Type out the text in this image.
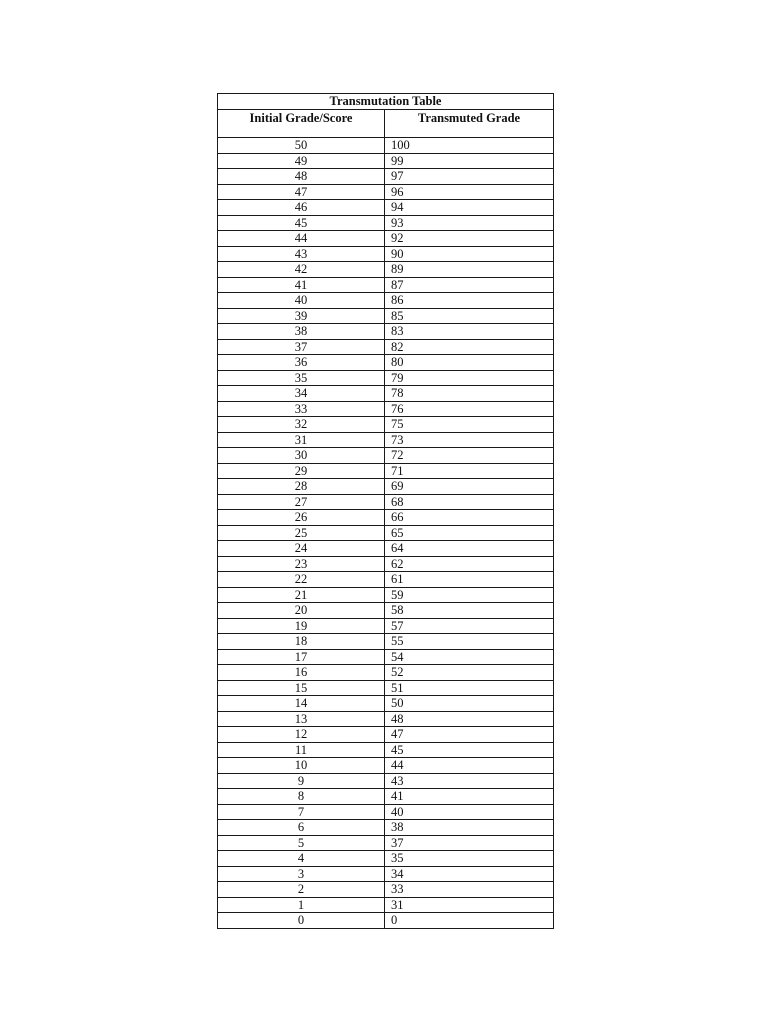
Transmutation Table	
Initial Grade/Score	Transmuted Grade
50	100
49	99
48	97
47	96
46	94
45	93
44	92
43	90
42	89
41	87
40	86
39	85
38	83
37	82
36	80
35	79
34	78
33	76
32	75
31	73
30	72
29	71
28	69
27	68
26	66
25	65
24	64
23	62
22	61
21	59
20	58
19	57
18	55
17	54
16	52
15	51
14	50
13	48
12	47
11	45
10	44
9	43
8	41
7	40
6	38
5	37
4	35
3	34
2	33
1	31
0	0
